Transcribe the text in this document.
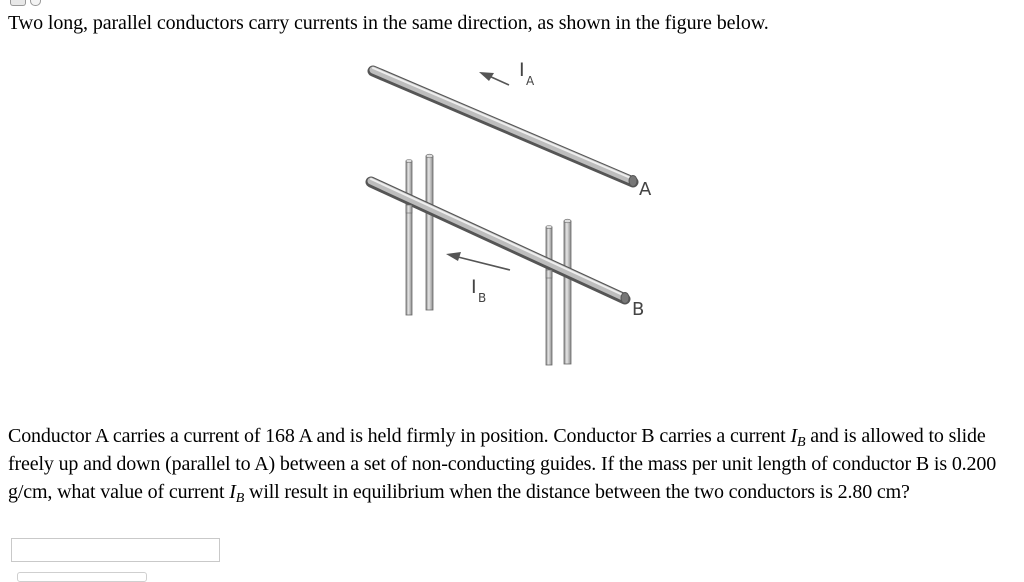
Two long, parallel conductors carry currents in the same direction, as shown in the figure below.
I A
I B
A
B
Conductor A carries a current of 168 A and is held firmly in position. Conductor B carries a current $I_B$ and is allowed to slide freely up and down (parallel to A) between a set of non-conducting guides. If the mass per unit length of conductor B is 0.200 g/cm, what value of current $I_B$ will result in equilibrium when the distance between the two conductors is 2.80 cm?
